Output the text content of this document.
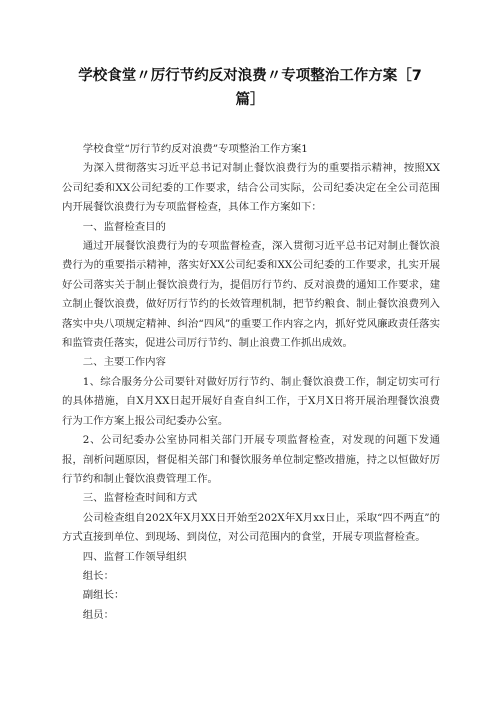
学校食堂〃厉行节约反对浪费〃专项整治工作方案［7篇］

学校食堂“厉行节约反对浪费”专项整治工作方案1

为深入贯彻落实习近平总书记对制止餐饮浪费行为的重要指示精神，按照XX公司纪委和XX公司纪委的工作要求，结合公司实际，公司纪委决定在全公司范围内开展餐饮浪费行为专项监督检查，具体工作方案如下：

一、监督检查目的

通过开展餐饮浪费行为的专项监督检查，深入贯彻习近平总书记对制止餐饮浪费行为的重要指示精神，落实好XX公司纪委和XX公司纪委的工作要求，扎实开展好公司落实关于制止餐饮浪费行为，提倡厉行节约、反对浪费的通知工作要求，建立制止餐饮浪费，做好厉行节约的长效管理机制，把节约粮食、制止餐饮浪费列入落实中央八项规定精神、纠治“四风”的重要工作内容之内，抓好党风廉政责任落实和监管责任落实，促进公司厉行节约、制止浪费工作抓出成效。

二、主要工作内容

1、综合服务分公司要针对做好厉行节约、制止餐饮浪费工作，制定切实可行的具体措施，自X月XX日起开展好自查自纠工作，于X月X日将开展治理餐饮浪费行为工作方案上报公司纪委办公室。

2、公司纪委办公室协同相关部门开展专项监督检查，对发现的问题下发通报，剖析问题原因，督促相关部门和餐饮服务单位制定整改措施，持之以恒做好厉行节约和制止餐饮浪费管理工作。

三、监督检查时间和方式

公司检查组自202X年X月XX日开始至202X年X月xx日止，采取“四不两直”的方式直接到单位、到现场、到岗位，对公司范围内的食堂，开展专项监督检查。

四、监督工作领导组织

组长：

副组长：

组员：
